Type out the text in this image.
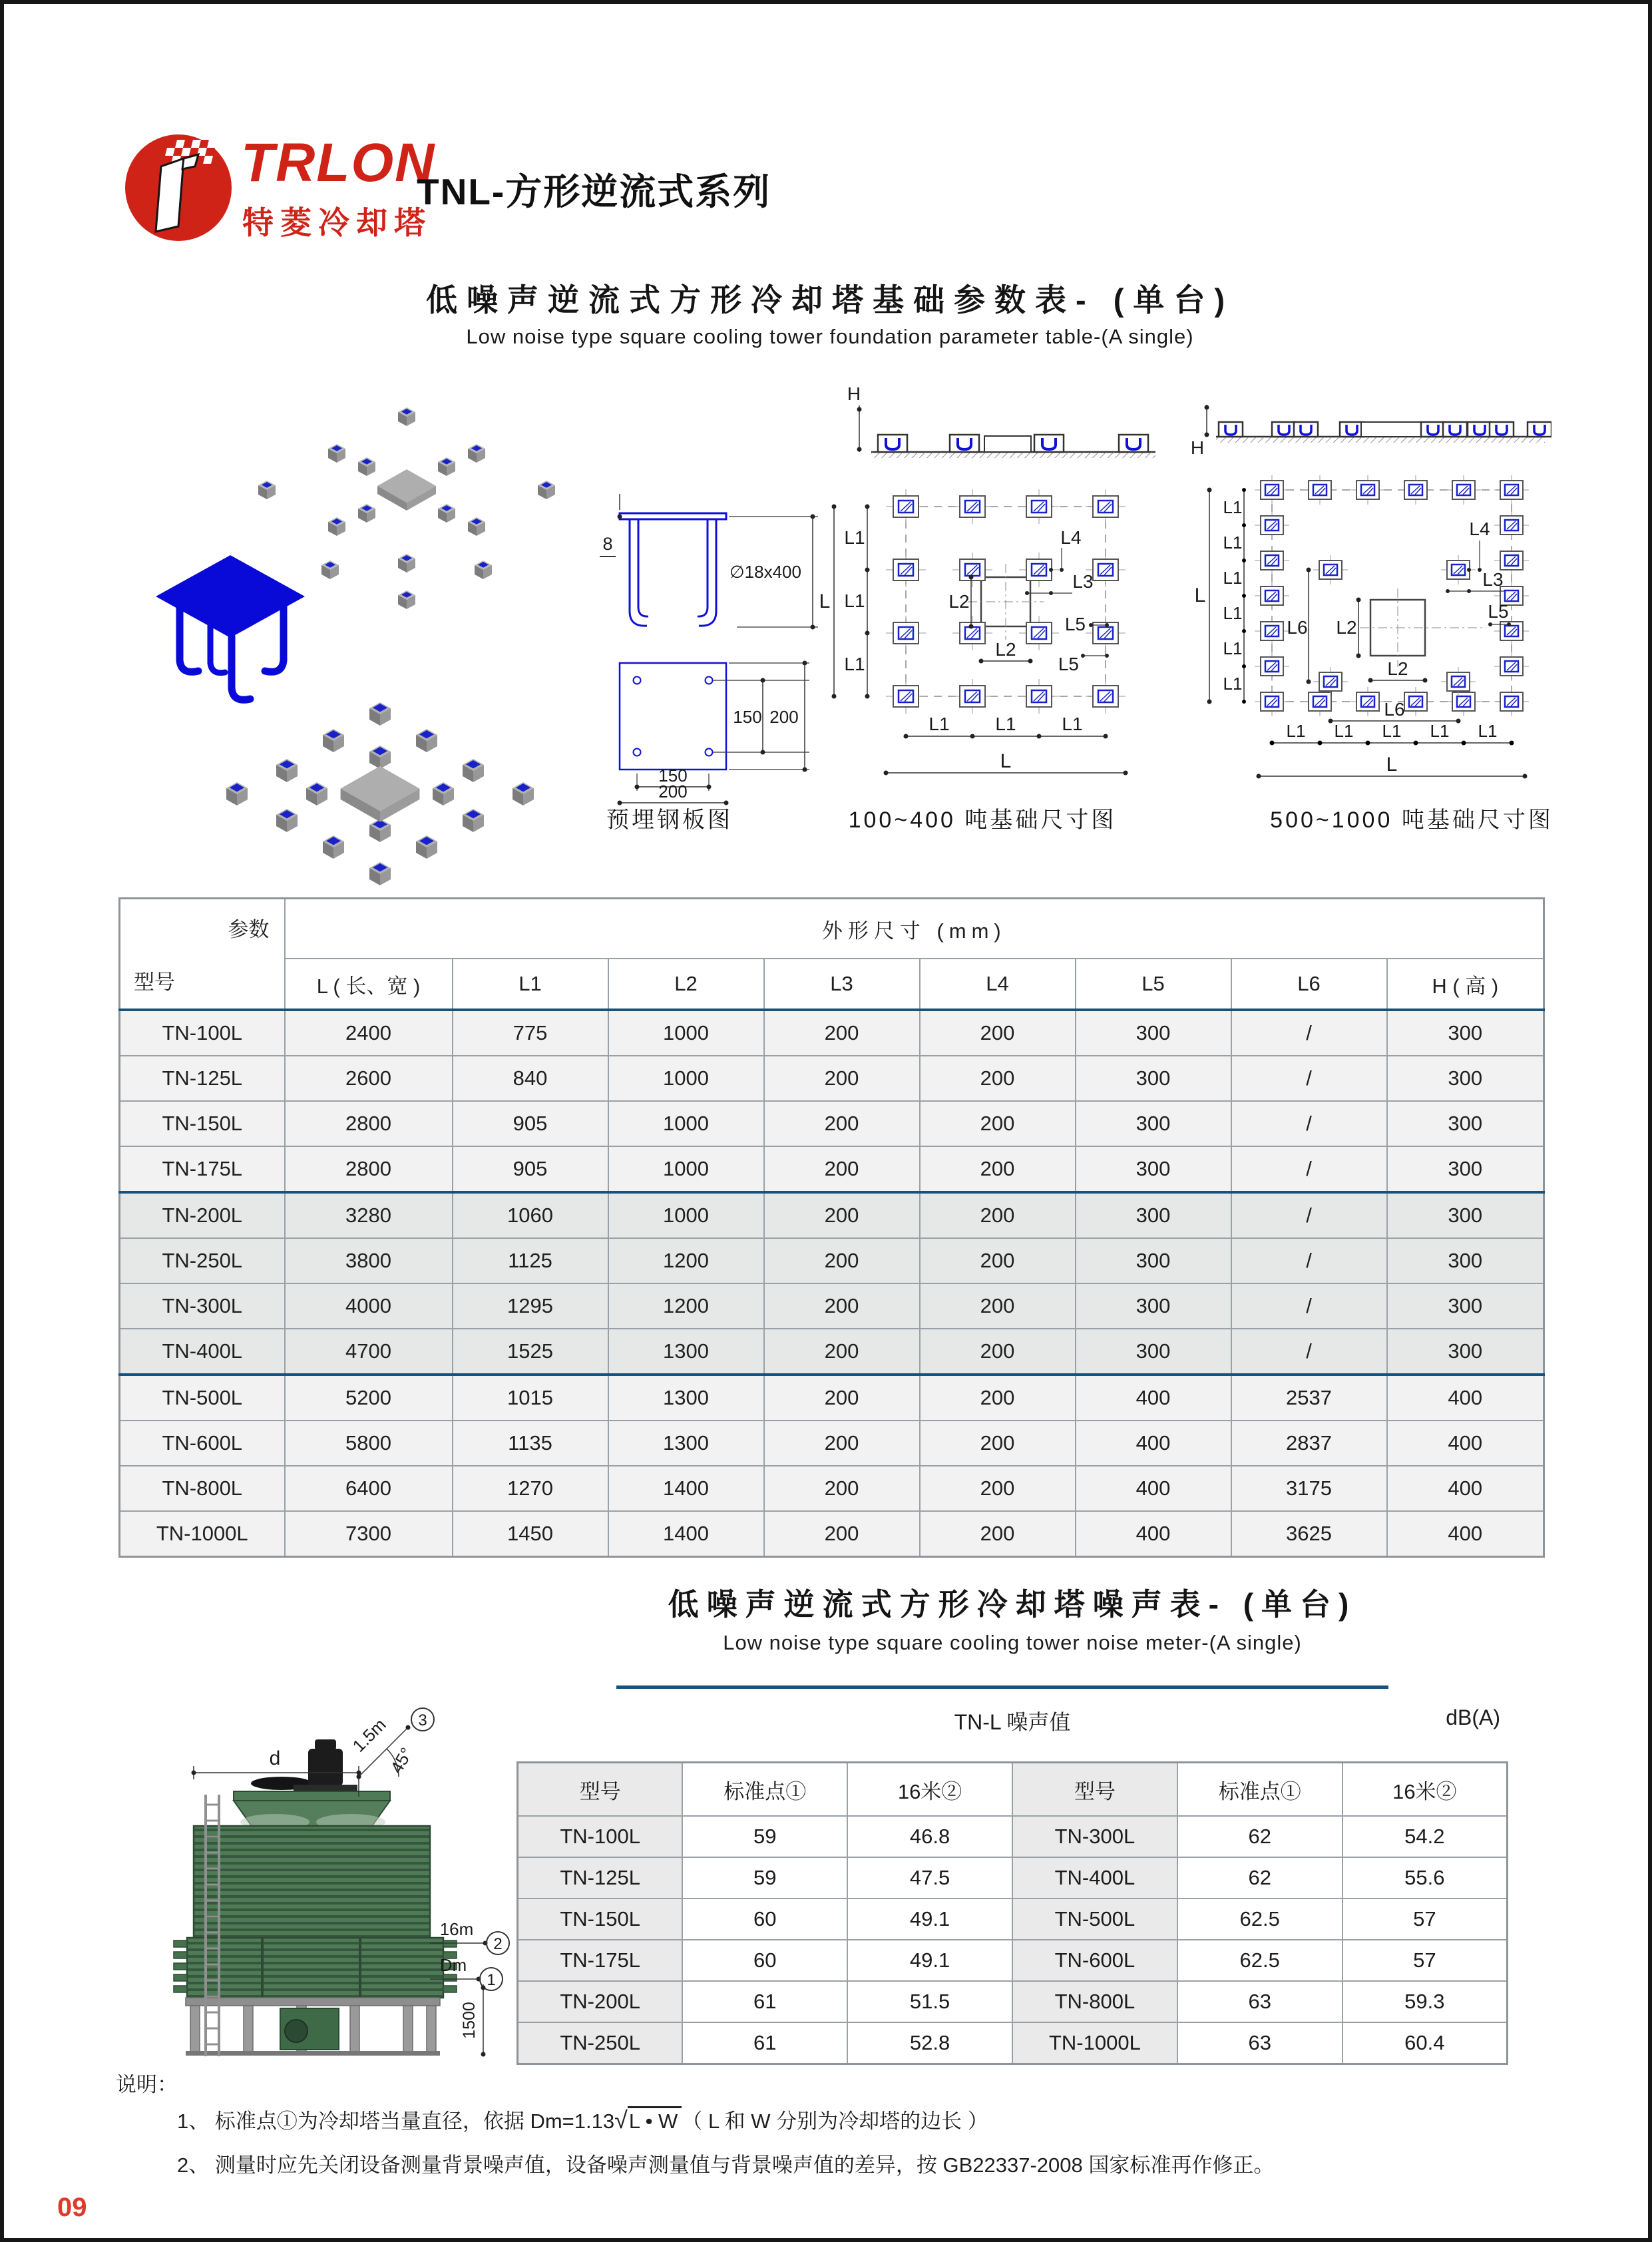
TRLON
特菱冷却塔
TNL-方形逆流式系列
低噪声逆流式方形冷却塔基础参数表- (单台)
Low noise type square cooling tower foundation parameter table-(A single)
8
∅18x400
150 200
150
200
H
L
L1
L1
L1
L2
L2
L4
L3
L5
L5
L1 L1 L1
L
H
L
L1
L1
L1
L1
L1
L1
L6
L6
L2
L2
L4
L3
L5
L1 L1 L1 L1 L1
L
预埋钢板图	100~400 吨基础尺寸图	500~1000 吨基础尺寸图
参数
型号	外形尺寸 (mm)							
	L ( 长、宽 )	L1	L2	L3	L4	L5	L6	H ( 高 )
TN-100L	2400	775	1000	200	200	300	/	300
TN-125L	2600	840	1000	200	200	300	/	300
TN-150L	2800	905	1000	200	200	300	/	300
TN-175L	2800	905	1000	200	200	300	/	300
TN-200L	3280	1060	1000	200	200	300	/	300
TN-250L	3800	1125	1200	200	200	300	/	300
TN-300L	4000	1295	1200	200	200	300	/	300
TN-400L	4700	1525	1300	200	200	300	/	300
TN-500L	5200	1015	1300	200	200	400	2537	400
TN-600L	5800	1135	1300	200	200	400	2837	400
TN-800L	6400	1270	1400	200	200	400	3175	400
TN-1000L	7300	1450	1400	200	200	400	3625	400
低噪声逆流式方形冷却塔噪声表- (单台)
Low noise type square cooling tower noise meter-(A single)
TN-L 噪声值	dB(A)
型号	标准点①	16米②	型号	标准点①	16米②
TN-100L	59	46.8	TN-300L	62	54.2
TN-125L	59	47.5	TN-400L	62	55.6
TN-150L	60	49.1	TN-500L	62.5	57
TN-175L	60	49.1	TN-600L	62.5	57
TN-200L	61	51.5	TN-800L	63	59.3
TN-250L	61	52.8	TN-1000L	63	60.4
d
1.5m
45°
3
16m
2
Dm
1
1500

说明：

1、 标准点①为冷却塔当量直径，依据 Dm=1.13√L • W （ L 和 W 分别为冷却塔的边长 ）

2、 测量时应先关闭设备测量背景噪声值，设备噪声测量值与背景噪声值的差异，按 GB22337-2008 国家标准再作修正。

09
